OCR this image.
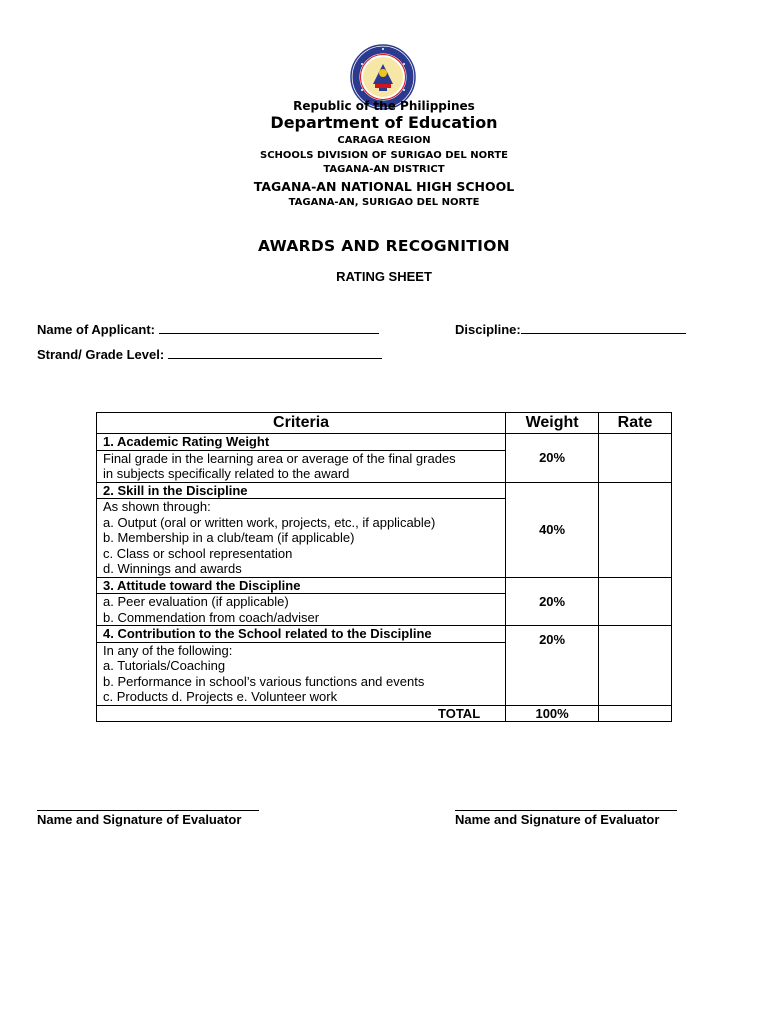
Republic of the Philippines
Department of Education
CARAGA REGION
SCHOOLS DIVISION OF SURIGAO DEL NORTE
TAGANA-AN DISTRICT
TAGANA-AN NATIONAL HIGH SCHOOL
TAGANA-AN, SURIGAO DEL NORTE
AWARDS AND RECOGNITION
RATING SHEET
Name of Applicant:	Discipline:
Strand/ Grade Level:
Criteria	Weight	Rate
1. Academic Rating Weight	20%	

Final grade in the learning area or average of the final grades
in subjects specifically related to the award		

2. Skill in the Discipline	40%	

As shown through:
a. Output (oral or written work, projects, etc., if applicable)
b. Membership in a club/team (if applicable)
c. Class or school representation
d. Winnings and awards		

3. Attitude toward the Discipline	20%	

a. Peer evaluation (if applicable)
b. Commendation from coach/adviser		

4. Contribution to the School related to the Discipline	20%	

In any of the following:
a. Tutorials/Coaching
b. Performance in school’s various functions and events
c. Products d. Projects e. Volunteer work		

TOTAL	100%	
Name and Signature of Evaluator	Name and Signature of Evaluator
